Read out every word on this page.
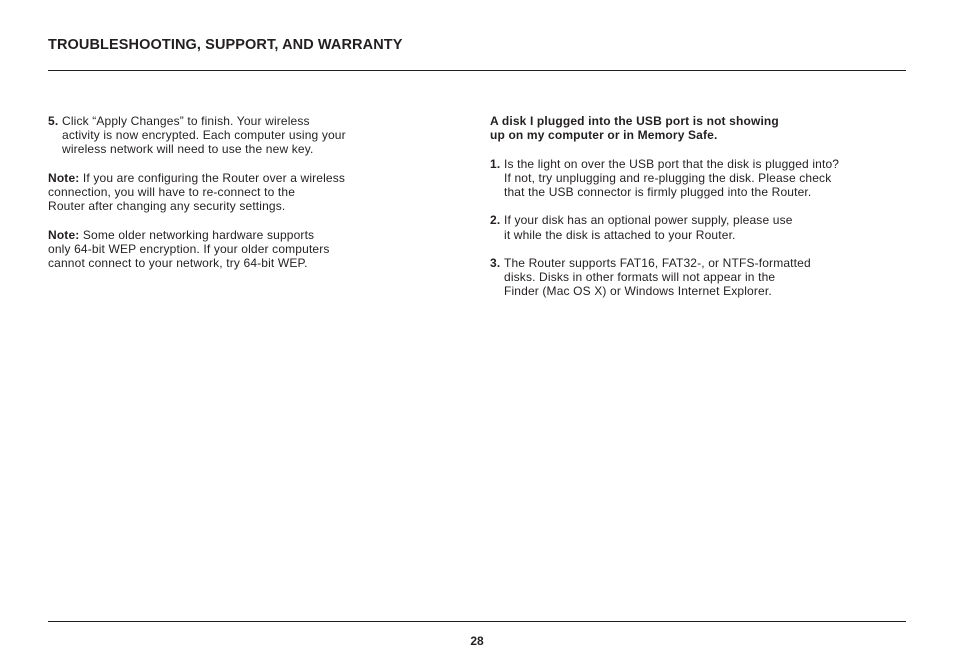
TROUBLESHOOTING, SUPPORT, AND WARRANTY
5. Click “Apply Changes” to finish. Your wireless
activity is now encrypted. Each computer using your
wireless network will need to use the new key.
Note: If you are configuring the Router over a wireless
connection, you will have to re-connect to the
Router after changing any security settings.
Note: Some older networking hardware supports
only 64-bit WEP encryption. If your older computers
cannot connect to your network, try 64-bit WEP.
A disk I plugged into the USB port is not showing
up on my computer or in Memory Safe.
1. Is the light on over the USB port that the disk is plugged into?
If not, try unplugging and re-plugging the disk. Please check
that the USB connector is firmly plugged into the Router.
2. If your disk has an optional power supply, please use
it while the disk is attached to your Router.
3. The Router supports FAT16, FAT32-, or NTFS-formatted
disks. Disks in other formats will not appear in the
Finder (Mac OS X) or Windows Internet Explorer.
28
